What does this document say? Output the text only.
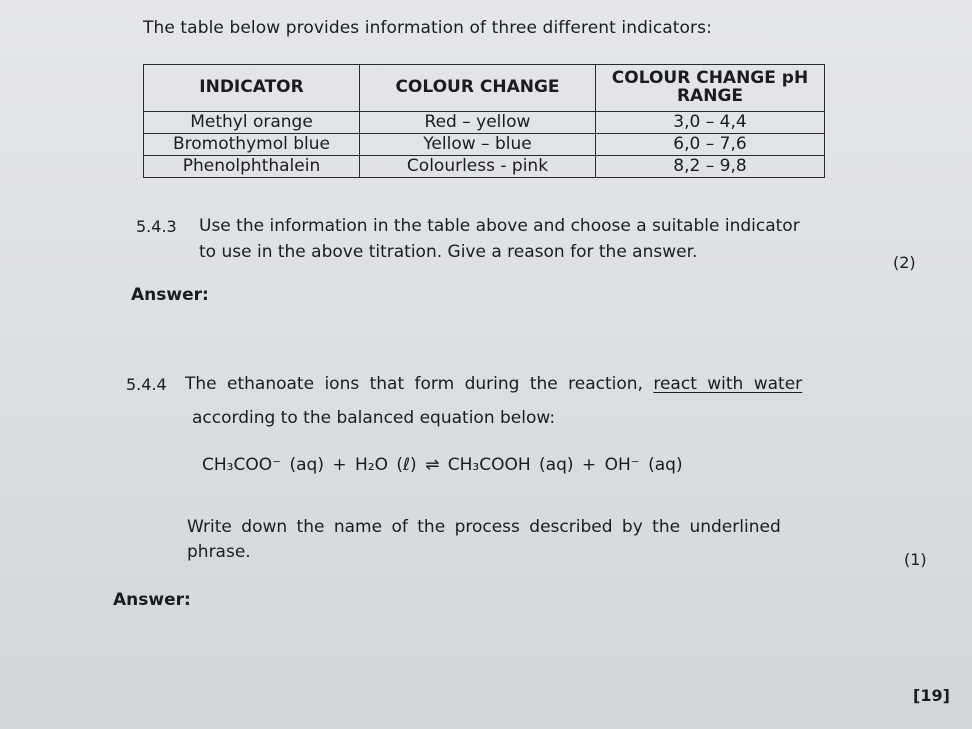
The table below provides information of three different indicators:
INDICATOR	COLOUR CHANGE	COLOUR CHANGE pH RANGE
Methyl orange	Red – yellow	3,0 – 4,4
Bromothymol blue	Yellow – blue	6,0 – 7,6
Phenolphthalein	Colourless - pink	8,2 – 9,8
5.4.3 Use the information in the table above and choose a suitable indicator
to use in the above titration. Give a reason for the answer.
(2)
Answer:
5.4.4 The ethanoate ions that form during the reaction, react with water
according to the balanced equation below:
CH₃COO⁻ (aq) + H₂O (ℓ) ⇌ CH₃COOH (aq) + OH⁻ (aq)
Write down the name of the process described by the underlined
phrase.	(1)
Answer:
[19]
